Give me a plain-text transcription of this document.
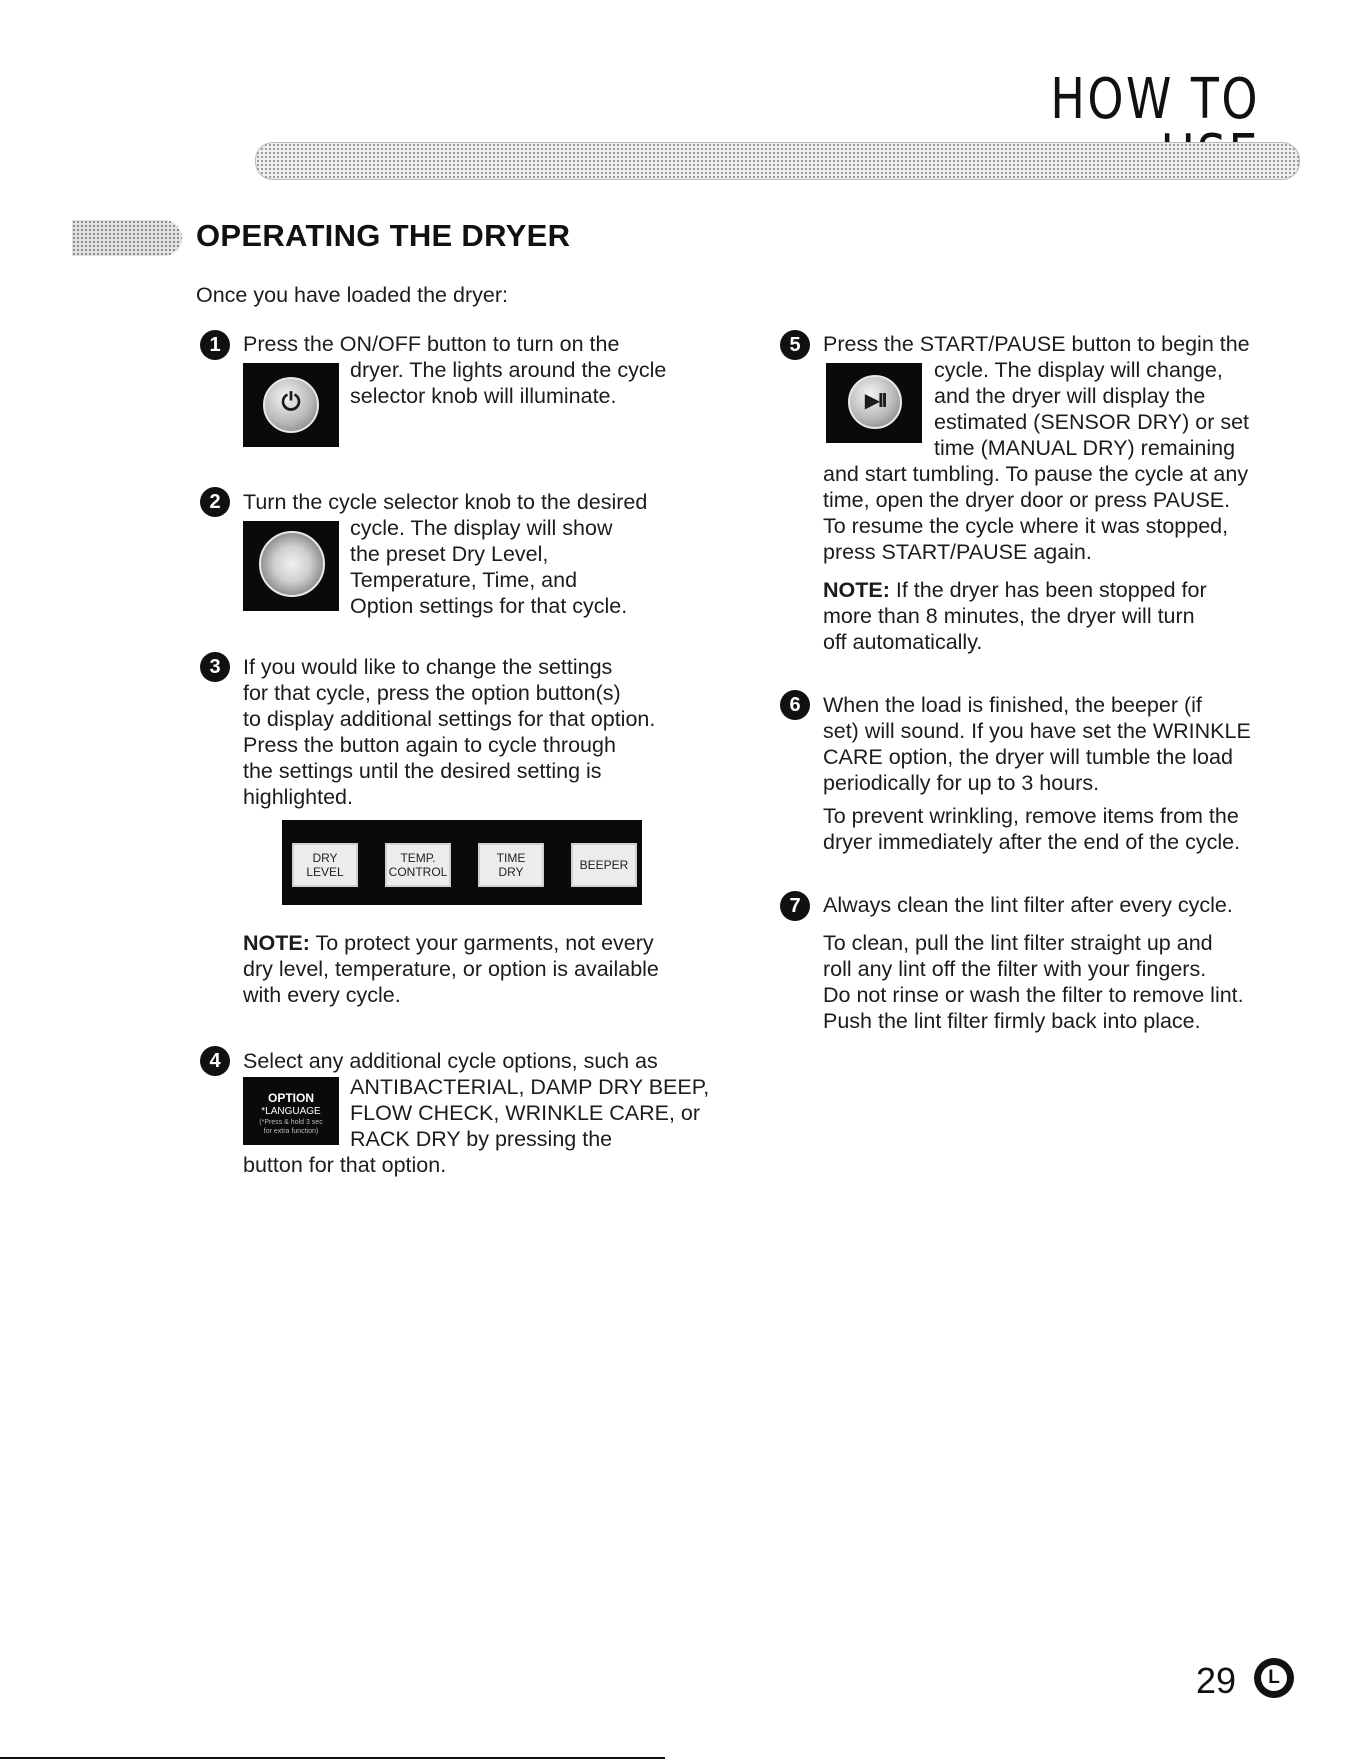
HOW TO
OPERATING THE DRYER
Once you have loaded the dryer:
1	Press the ON/OFF button to turn on the
⏻
dryer. The lights around the cycle
selector knob will illuminate.
2	Turn the cycle selector knob to the desired
cycle. The display will show
the preset Dry Level,
Temperature, Time, and
Option settings for that cycle.
3	If you would like to change the settings
for that cycle, press the option button(s)
to display additional settings for that option.
Press the button again to cycle through
the settings until the desired setting is
highlighted.
DRY
LEVEL
TEMP.
CONTROL
TIME
DRY	BEEPER
NOTE: To protect your garments, not every
dry level, temperature, or option is available
with every cycle.
4	Select any additional cycle options, such as
OPTION
*LANGUAGE
(*Press & hold 3 sec
for extra function)
ANTIBACTERIAL, DAMP DRY BEEP,
FLOW CHECK, WRINKLE CARE, or
RACK DRY by pressing the
button for that option.
5	Press the START/PAUSE button to begin the
▶II
cycle. The display will change,
and the dryer will display the
estimated (SENSOR DRY) or set
time (MANUAL DRY) remaining
and start tumbling. To pause the cycle at any
time, open the dryer door or press PAUSE.
To resume the cycle where it was stopped,
press START/PAUSE again.
NOTE: If the dryer has been stopped for
more than 8 minutes, the dryer will turn
off automatically.
6	When the load is finished, the beeper (if
set) will sound. If you have set the WRINKLE
CARE option, the dryer will tumble the load
periodically for up to 3 hours.
To prevent wrinkling, remove items from the
dryer immediately after the end of the cycle.
7	Always clean the lint filter after every cycle.
To clean, pull the lint filter straight up and
roll any lint off the filter with your fingers.
Do not rinse or wash the filter to remove lint.
Push the lint filter firmly back into place.
29	L
